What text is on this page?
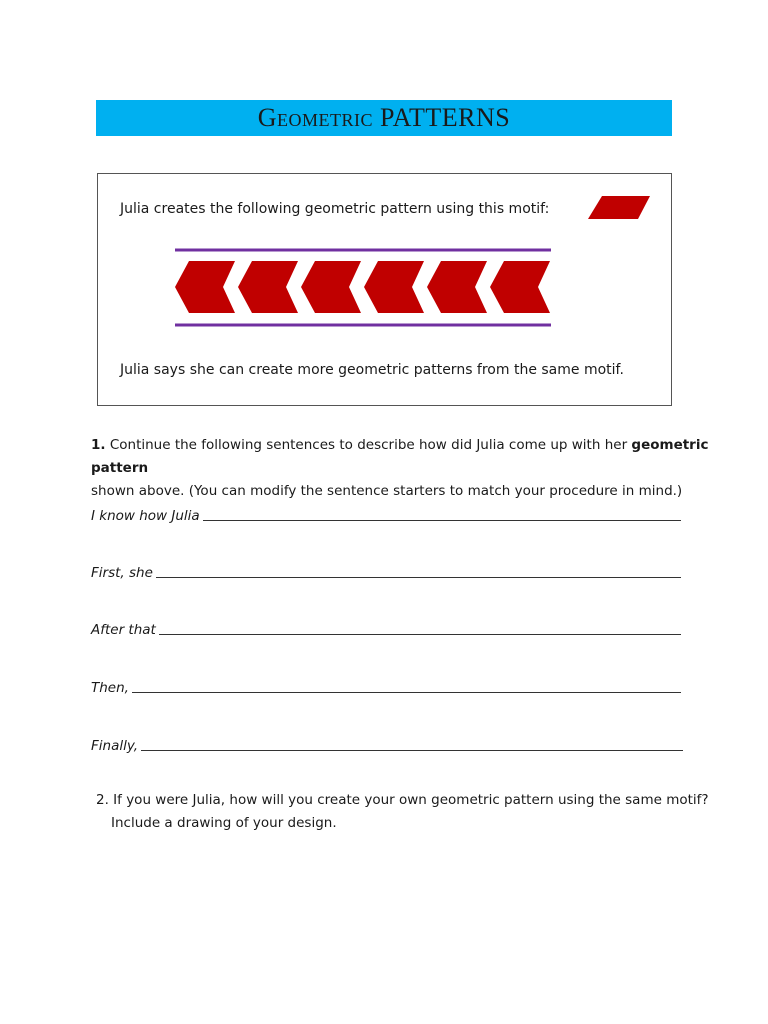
Geometric PATTERNS
Julia creates the following geometric pattern using this motif:
Julia says she can create more geometric patterns from the same motif.
1. Continue the following sentences to describe how did Julia come up with her geometric pattern
shown above. (You can modify the sentence starters to match your procedure in mind.)
I know how Julia
First, she
After that
Then,
Finally,
2. If you were Julia, how will you create your own geometric pattern using the same motif?
Include a drawing of your design.
